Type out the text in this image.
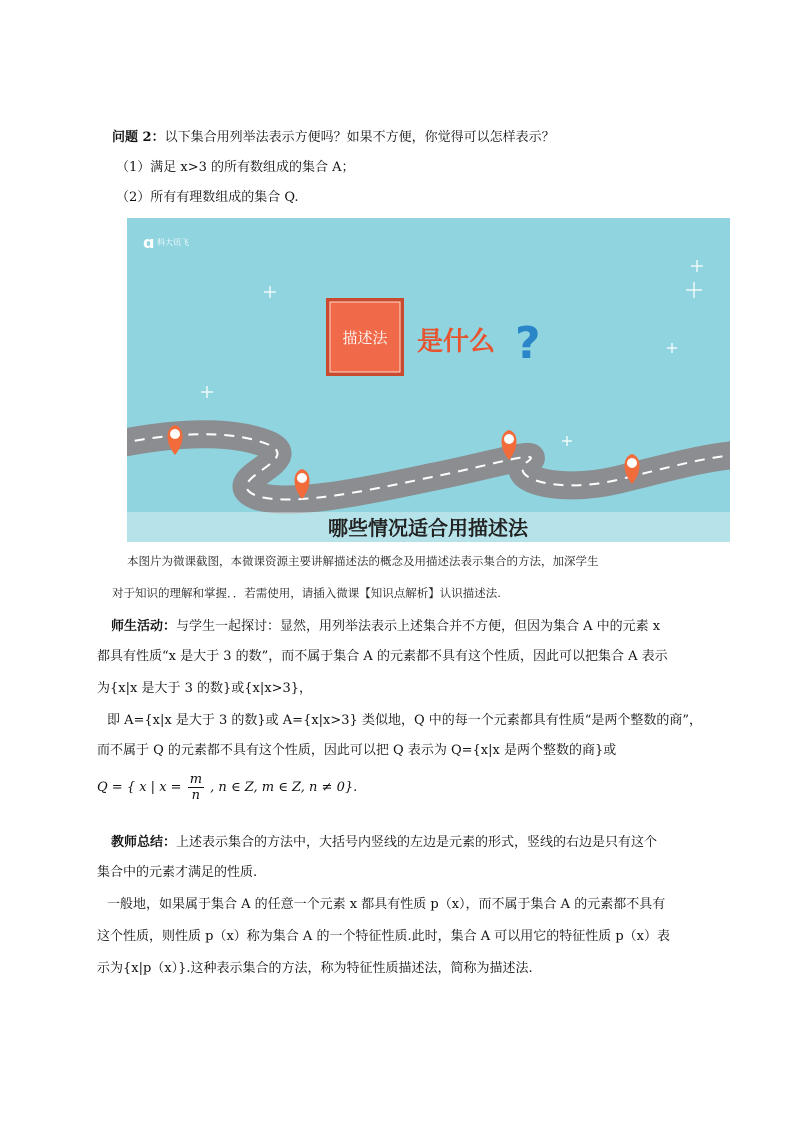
问题 2：以下集合用列举法表示方便吗？如果不方便，你觉得可以怎样表示？
（1）满足 x>3 的所有数组成的集合 A；
（2）所有有理数组成的集合 Q.
ɑ 科大讯飞
描述法 是什么 ?
哪些情况适合用描述法
本图片为微课截图，本微课资源主要讲解描述法的概念及用描述法表示集合的方法，加深学生
对于知识的理解和掌握．．若需使用，请插入微课【知识点解析】认识描述法.
师生活动：与学生一起探讨：显然，用列举法表示上述集合并不方便，但因为集合 A 中的元素 x
都具有性质“x 是大于 3 的数”，而不属于集合 A 的元素都不具有这个性质，因此可以把集合 A 表示
为{x|x 是大于 3 的数}或{x|x>3}，
即 A={x|x 是大于 3 的数}或 A={x|x>3} 类似地，Q 中的每一个元素都具有性质“是两个整数的商”，
而不属于 Q 的元素都不具有这个性质，因此可以把 Q 表示为 Q={x|x 是两个整数的商}或
Q = { x | $x = \frac{m}{n}$ , n ∈ Z, m ∈ Z, n ≠ 0}.
教师总结：上述表示集合的方法中，大括号内竖线的左边是元素的形式，竖线的右边是只有这个
集合中的元素才满足的性质.
一般地，如果属于集合 A 的任意一个元素 x 都具有性质 p（x），而不属于集合 A 的元素都不具有
这个性质，则性质 p（x）称为集合 A 的一个特征性质.此时，集合 A 可以用它的特征性质 p（x）表
示为{x|p（x）}.这种表示集合的方法，称为特征性质描述法，简称为描述法.
